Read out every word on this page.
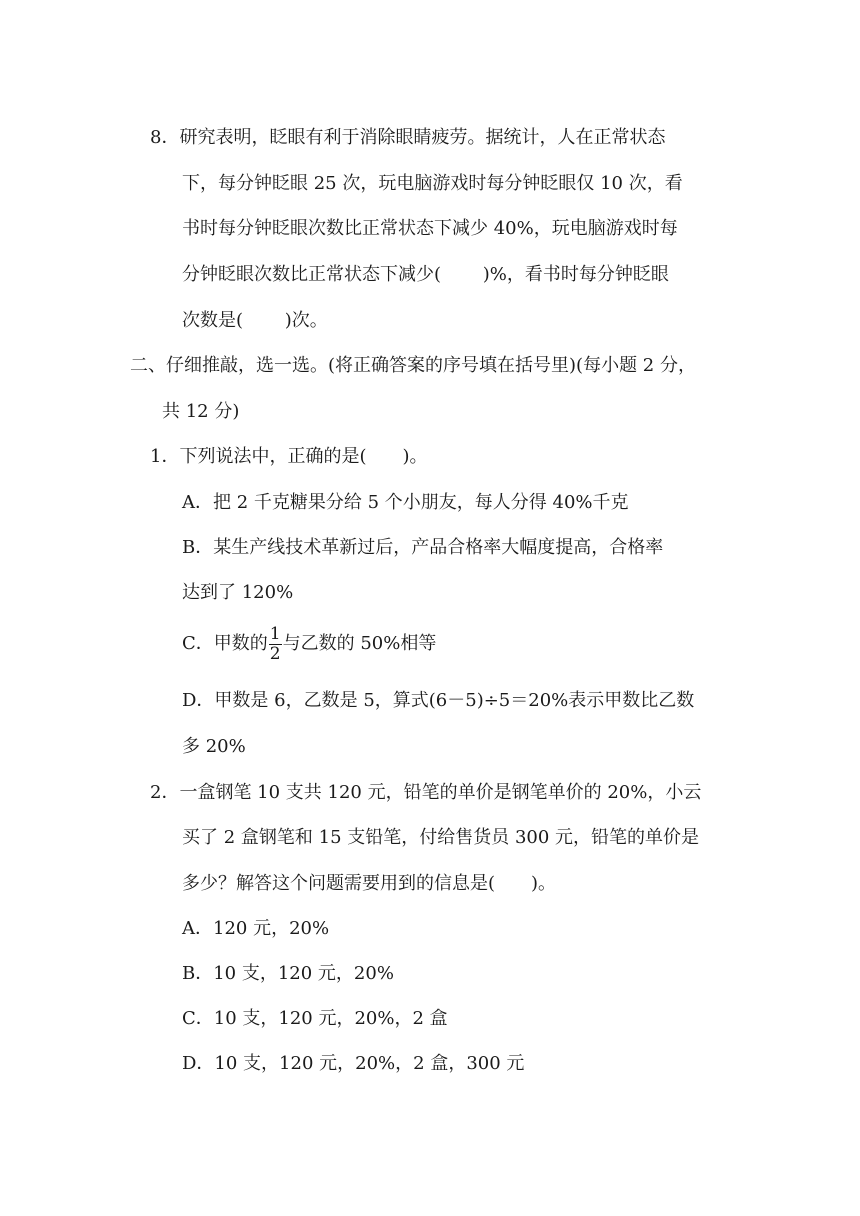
8．研究表明，眨眼有利于消除眼睛疲劳。据统计，人在正常状态
下，每分钟眨眼 25 次，玩电脑游戏时每分钟眨眼仅 10 次，看
书时每分钟眨眼次数比正常状态下减少 40%，玩电脑游戏时每
分钟眨眼次数比正常状态下减少(　　 )%，看书时每分钟眨眼
次数是(　　 )次。
二、仔细推敲，选一选。(将正确答案的序号填在括号里)(每小题 2 分，
共 12 分)
1．下列说法中，正确的是(　　)。
A．把 2 千克糖果分给 5 个小朋友，每人分得 40%千克
B．某生产线技术革新过后，产品合格率大幅度提高，合格率
达到了 120%
C．甲数的 $\frac{1}{2}$ 与乙数的 50%相等
D．甲数是 6，乙数是 5，算式(6－5)÷5＝20%表示甲数比乙数
多 20%
2．一盒钢笔 10 支共 120 元，铅笔的单价是钢笔单价的 20%，小云
买了 2 盒钢笔和 15 支铅笔，付给售货员 300 元，铅笔的单价是
多少？解答这个问题需要用到的信息是(　　)。
A．120 元，20%
B．10 支，120 元，20%
C．10 支，120 元，20%，2 盒
D．10 支，120 元，20%，2 盒，300 元
